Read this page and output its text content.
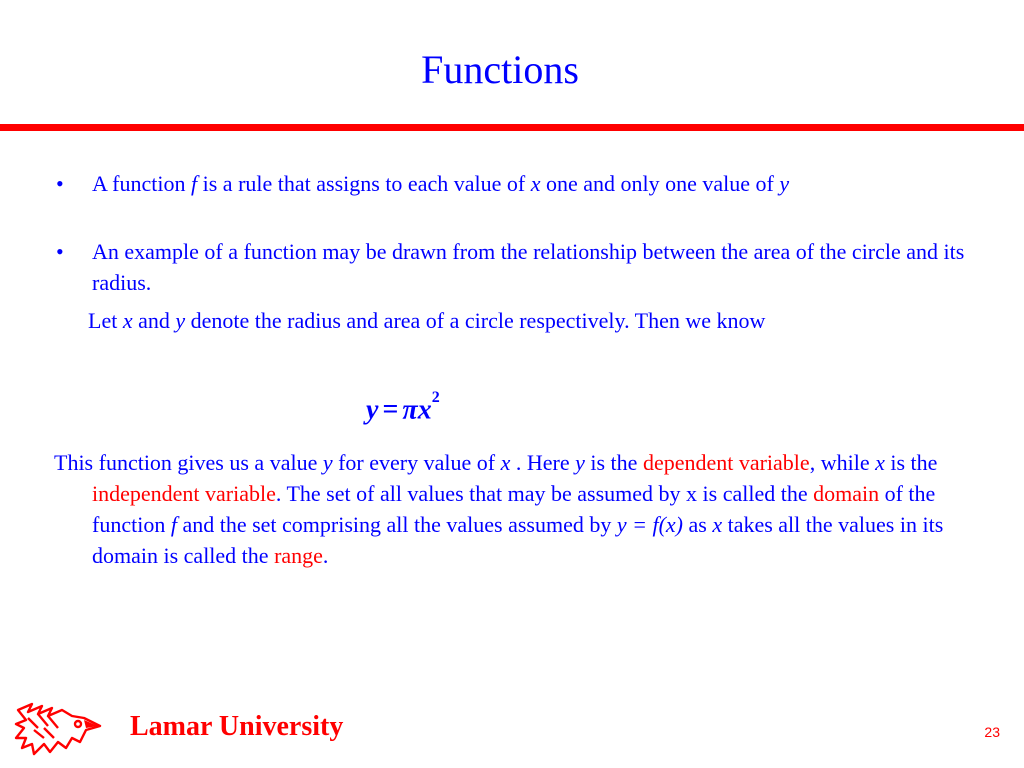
Functions
• A function f is a rule that assigns to each value of x one and only one value of y
• An example of a function may be drawn from the relationship between the area of the circle and its radius.
Let x and y denote the radius and area of a circle respectively. Then we know
$y = \pi x^2$
This function gives us a value y for every value of x . Here y is the dependent variable, while x is the independent variable. The set of all values that may be assumed by x is called the domain of the function f and the set comprising all the values assumed by y = f(x) as x takes all the values in its domain is called the range.
Lamar University	23
